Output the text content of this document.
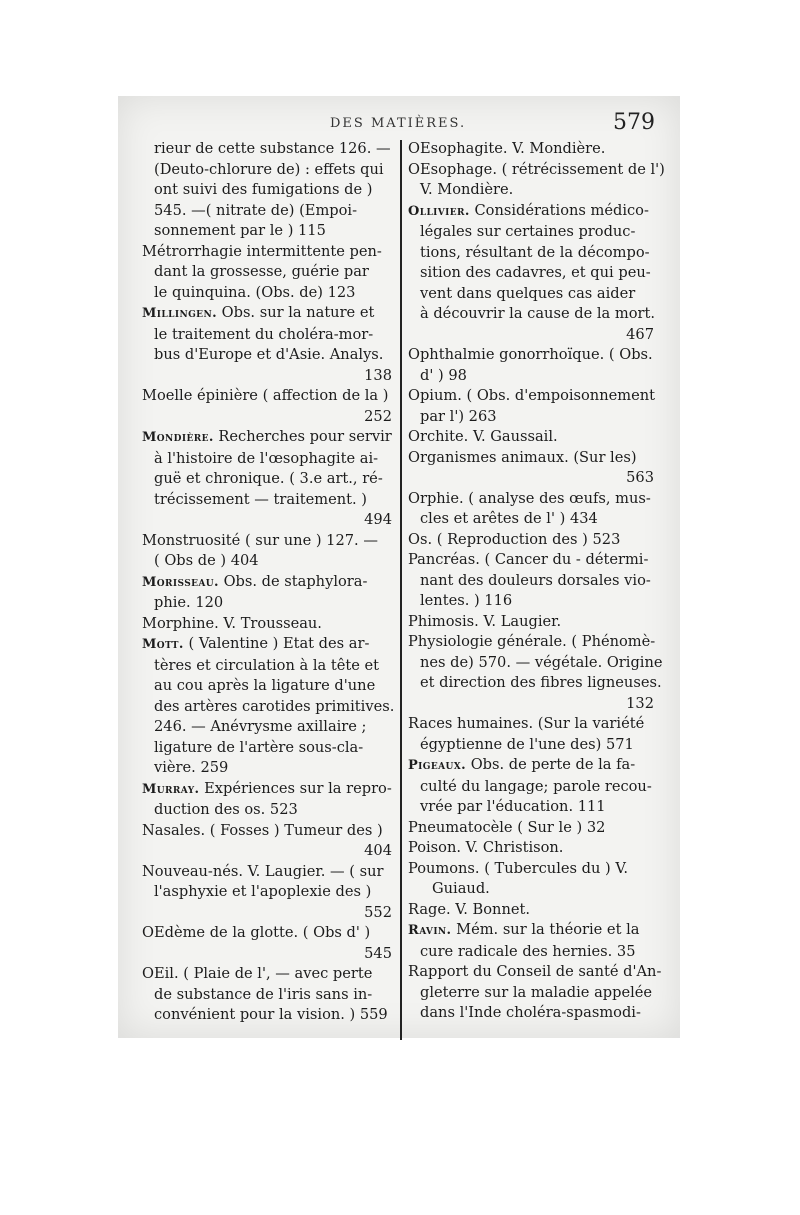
DES MATIÈRES.	579
rieur de cette substance 126. —
(Deuto-chlorure de) : effets qui
ont suivi des fumigations de )
545. —( nitrate de) (Empoi-
sonnement par le ) 115
Métrorrhagie intermittente pen-
dant la grossesse, guérie par
le quinquina. (Obs. de) 123
Millingen. Obs. sur la nature et
le traitement du choléra-mor-
bus d'Europe et d'Asie. Analys.
138
Moelle épinière ( affection de la )
252
Mondière. Recherches pour servir
à l'histoire de l'œsophagite ai-
guë et chronique. ( 3.e art., ré-
trécissement — traitement. )
494
Monstruosité ( sur une ) 127. —
( Obs de ) 404
Morisseau. Obs. de staphylora-
phie. 120
Morphine. V. Trousseau.
Mott. ( Valentine ) Etat des ar-
tères et circulation à la tête et
au cou après la ligature d'une
des artères carotides primitives.
246. — Anévrysme axillaire ;
ligature de l'artère sous-cla-
vière. 259
Murray. Expériences sur la repro-
duction des os. 523
Nasales. ( Fosses ) Tumeur des )
404
Nouveau-nés. V. Laugier. — ( sur
l'asphyxie et l'apoplexie des )
552
OEdème de la glotte. ( Obs d' )
545
OEil. ( Plaie de l', — avec perte
de substance de l'iris sans in-
convénient pour la vision. ) 559
OEsophagite. V. Mondière.
OEsophage. ( rétrécissement de l')
V. Mondière.
Ollivier. Considérations médico-
légales sur certaines produc-
tions, résultant de la décompo-
sition des cadavres, et qui peu-
vent dans quelques cas aider
à découvrir la cause de la mort.
467
Ophthalmie gonorrhoïque. ( Obs.
d' ) 98
Opium. ( Obs. d'empoisonnement
par l') 263
Orchite. V. Gaussail.
Organismes animaux. (Sur les)
563
Orphie. ( analyse des œufs, mus-
cles et arêtes de l' ) 434
Os. ( Reproduction des ) 523
Pancréas. ( Cancer du - détermi-
nant des douleurs dorsales vio-
lentes. ) 116
Phimosis. V. Laugier.
Physiologie générale. ( Phénomè-
nes de) 570. — végétale. Origine
et direction des fibres ligneuses.
132
Races humaines. (Sur la variété
égyptienne de l'une des) 571
Pigeaux. Obs. de perte de la fa-
culté du langage; parole recou-
vrée par l'éducation. 111
Pneumatocèle ( Sur le ) 32
Poison. V. Christison.
Poumons. ( Tubercules du ) V.
Guiaud.
Rage. V. Bonnet.
Ravin. Mém. sur la théorie et la
cure radicale des hernies. 35
Rapport du Conseil de santé d'An-
gleterre sur la maladie appelée
dans l'Inde choléra-spasmodi-
